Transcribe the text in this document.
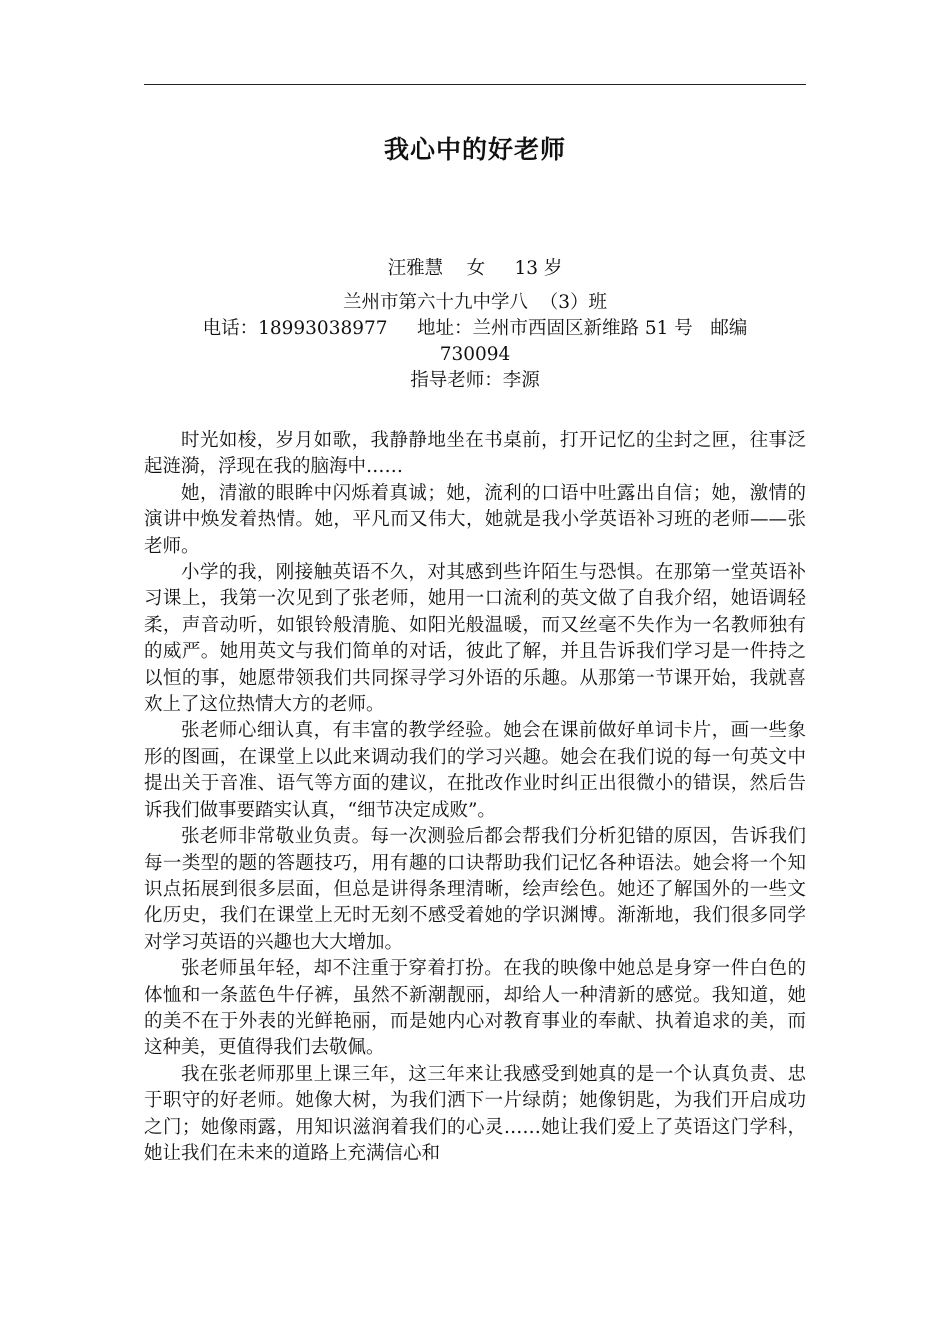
我心中的好老师
汪雅慧    女     13 岁
兰州市第六十九中学八  （3）班
电话：18993038977     地址：兰州市西固区新维路 51 号   邮编
730094
指导老师：李源

时光如梭，岁月如歌，我静静地坐在书桌前，打开记忆的尘封之匣，往事泛起涟漪，浮现在我的脑海中……

她，清澈的眼眸中闪烁着真诚；她，流利的口语中吐露出自信；她，激情的演讲中焕发着热情。她，平凡而又伟大，她就是我小学英语补习班的老师——张老师。

小学的我，刚接触英语不久，对其感到些许陌生与恐惧。在那第一堂英语补习课上，我第一次见到了张老师，她用一口流利的英文做了自我介绍，她语调轻柔，声音动听，如银铃般清脆、如阳光般温暖，而又丝毫不失作为一名教师独有的威严。她用英文与我们简单的对话，彼此了解，并且告诉我们学习是一件持之以恒的事，她愿带领我们共同探寻学习外语的乐趣。从那第一节课开始，我就喜欢上了这位热情大方的老师。

张老师心细认真，有丰富的教学经验。她会在课前做好单词卡片，画一些象形的图画，在课堂上以此来调动我们的学习兴趣。她会在我们说的每一句英文中提出关于音准、语气等方面的建议，在批改作业时纠正出很微小的错误，然后告诉我们做事要踏实认真，“细节决定成败”。

张老师非常敬业负责。每一次测验后都会帮我们分析犯错的原因，告诉我们每一类型的题的答题技巧，用有趣的口诀帮助我们记忆各种语法。她会将一个知识点拓展到很多层面，但总是讲得条理清晰，绘声绘色。她还了解国外的一些文化历史，我们在课堂上无时无刻不感受着她的学识渊博。渐渐地，我们很多同学对学习英语的兴趣也大大增加。

张老师虽年轻，却不注重于穿着打扮。在我的映像中她总是身穿一件白色的体恤和一条蓝色牛仔裤，虽然不新潮靓丽，却给人一种清新的感觉。我知道，她的美不在于外表的光鲜艳丽，而是她内心对教育事业的奉献、执着追求的美，而这种美，更值得我们去敬佩。

我在张老师那里上课三年，这三年来让我感受到她真的是一个认真负责、忠于职守的好老师。她像大树，为我们洒下一片绿荫；她像钥匙，为我们开启成功之门；她像雨露，用知识滋润着我们的心灵……她让我们爱上了英语这门学科，她让我们在未来的道路上充满信心和
